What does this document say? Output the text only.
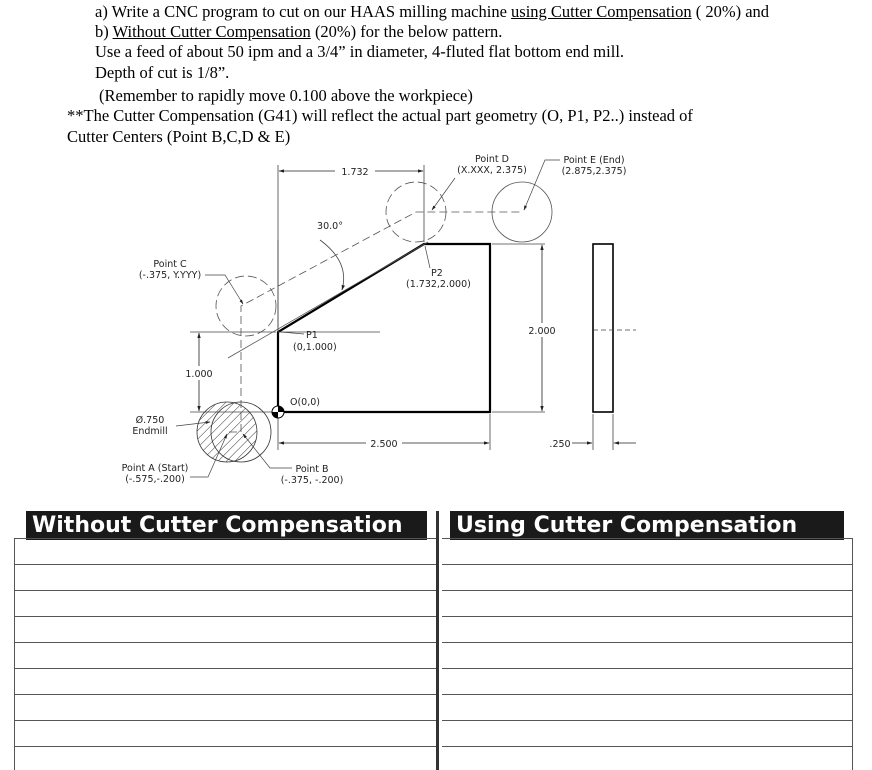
a) Write a CNC program to cut on our HAAS milling machine using Cutter Compensation ( 20%) and
b) Without Cutter Compensation (20%) for the below pattern.
Use a feed of about 50 ipm and a 3/4” in diameter, 4-fluted flat bottom end mill.
Depth of cut is 1/8”.
(Remember to rapidly move 0.100 above the workpiece)
**The Cutter Compensation (G41) will reflect the actual part geometry (O, P1, P2..) instead of
Cutter Centers (Point B,C,D & E)
1.732
2.000
1.000
2.500	.250
30.0°
Point D
(X.XXX, 2.375)
Point E (End)
(2.875,2.375)
Point C
(-.375, Y.YYY)	P2
(1.732,2.000)
P1
(0,1.000)
O(0,0)
Ø.750
Endmill
Point A (Start)
(-.575,-.200)
Point B
(-.375, -.200)
Without Cutter Compensation	Using Cutter Compensation
